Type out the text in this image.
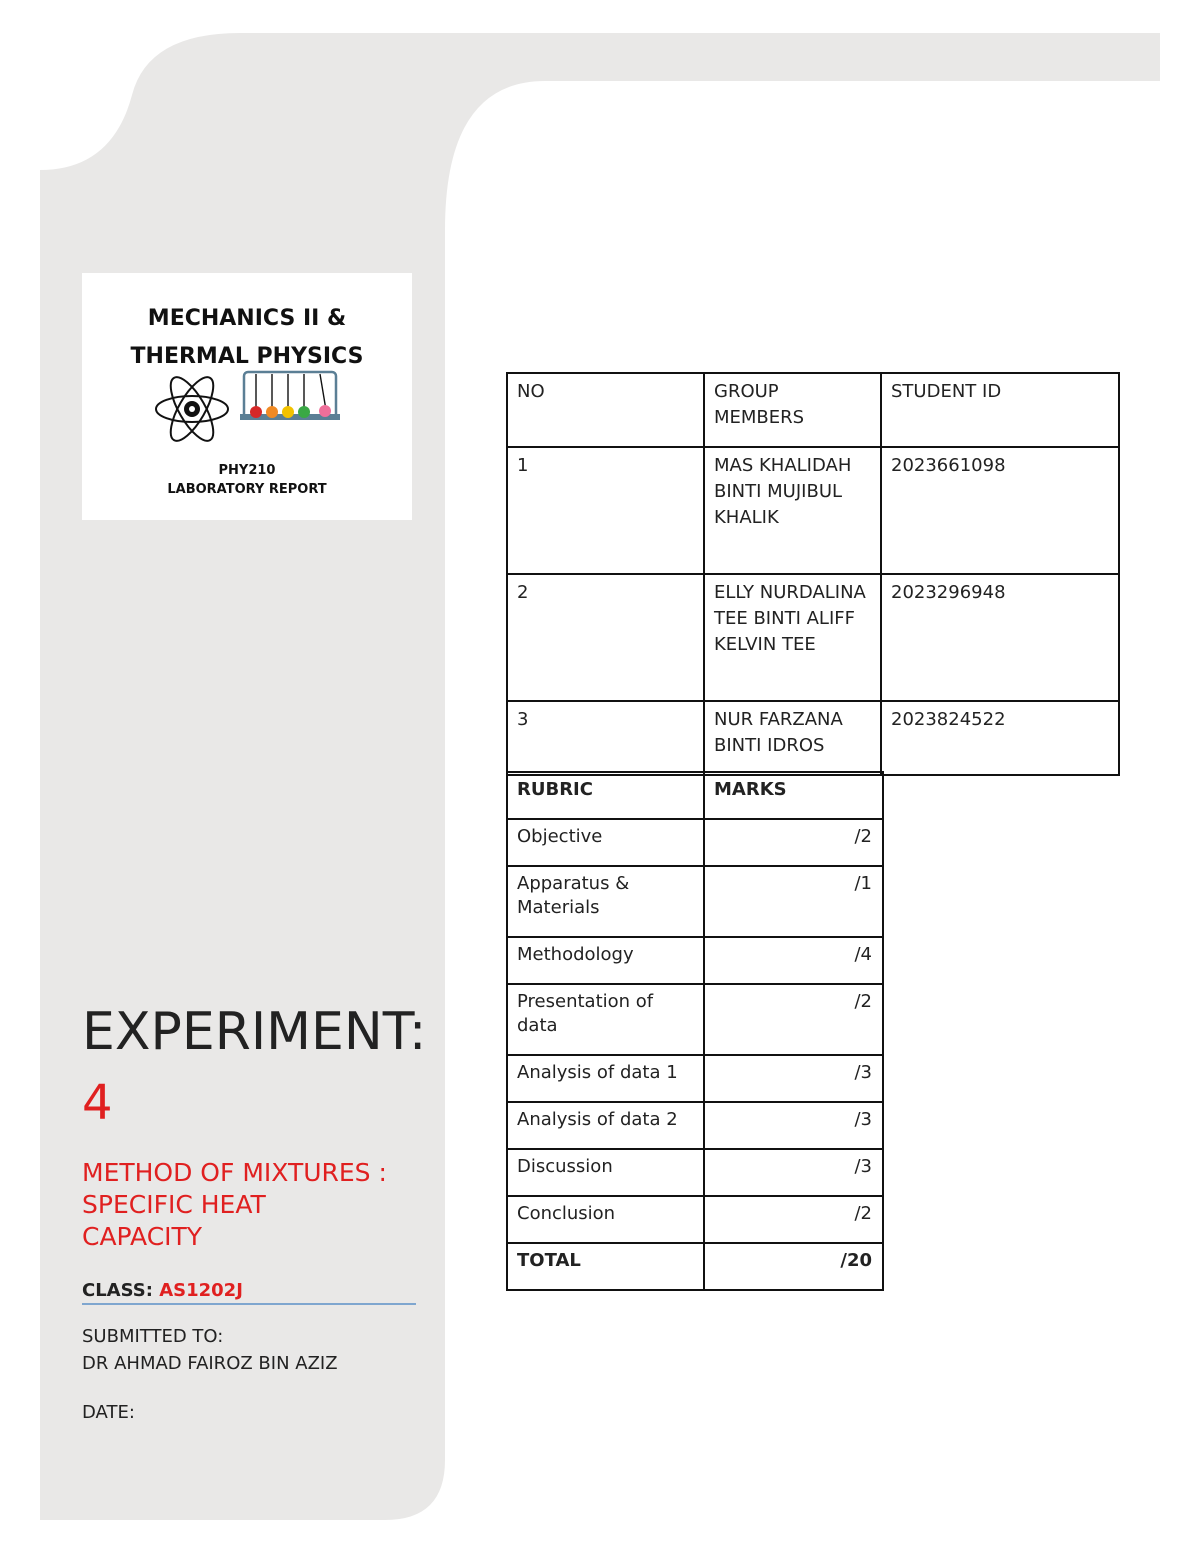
MECHANICS II &
THERMAL PHYSICS
PHY210
LABORATORY REPORT
EXPERIMENT:
4
METHOD OF MIXTURES :
SPECIFIC HEAT
CAPACITY
CLASS: AS1202J
SUBMITTED TO:
DR AHMAD FAIROZ BIN AZIZ
DATE:
NO	GROUP MEMBERS	STUDENT ID
1	MAS KHALIDAH BINTI MUJIBUL KHALIK	2023661098
2	ELLY NURDALINA TEE BINTI ALIFF KELVIN TEE	2023296948
3	NUR FARZANA BINTI IDROS	2023824522
RUBRIC	MARKS
Objective	/2
Apparatus & Materials	/1
Methodology	/4
Presentation of data	/2
Analysis of data 1	/3
Analysis of data 2	/3
Discussion	/3
Conclusion	/2
TOTAL	/20
